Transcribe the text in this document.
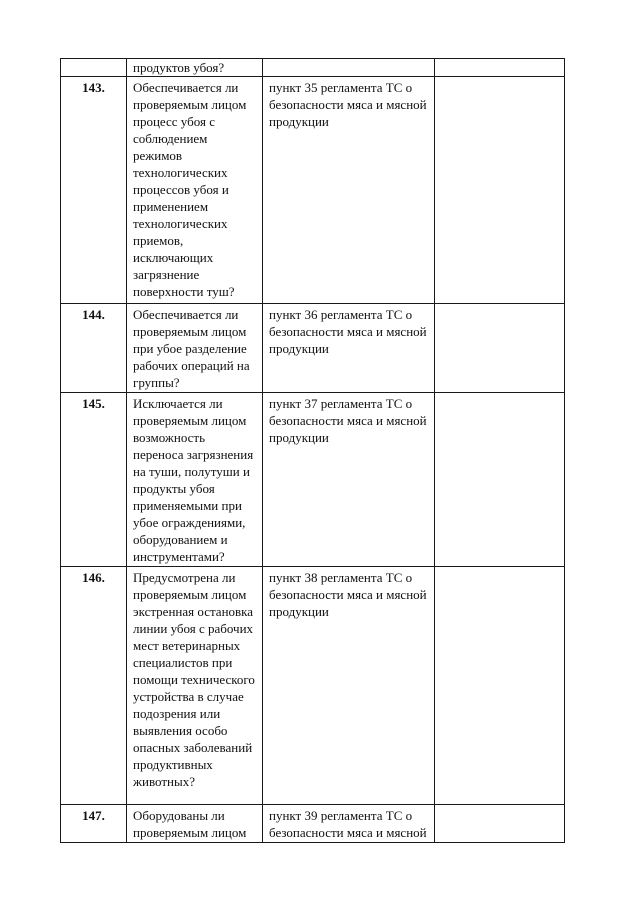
	продуктов убоя?		
143.	Обеспечивается ли проверяемым лицом процесс убоя с соблюдением режимов технологических процессов убоя и применением технологических приемов, исключающих загрязнение поверхности туш?	пункт 35 регламента ТС о безопасности мяса и мясной продукции	
144.	Обеспечивается ли проверяемым лицом при убое разделение рабочих операций на группы?	пункт 36 регламента ТС о безопасности мяса и мясной продукции	
145.	Исключается ли проверяемым лицом возможность переноса загрязнения на туши, полутуши и продукты убоя применяемыми при убое ограждениями, оборудованием и инструментами?	пункт 37 регламента ТС о безопасности мяса и мясной продукции	
146.	Предусмотрена ли проверяемым лицом экстренная остановка линии убоя с рабочих мест ветеринарных специалистов при помощи технического устройства в случае подозрения или выявления особо опасных заболеваний продуктивных животных?	пункт 38 регламента ТС о безопасности мяса и мясной продукции	
147.	Оборудованы ли проверяемым лицом	пункт 39 регламента ТС о безопасности мяса и мясной	
